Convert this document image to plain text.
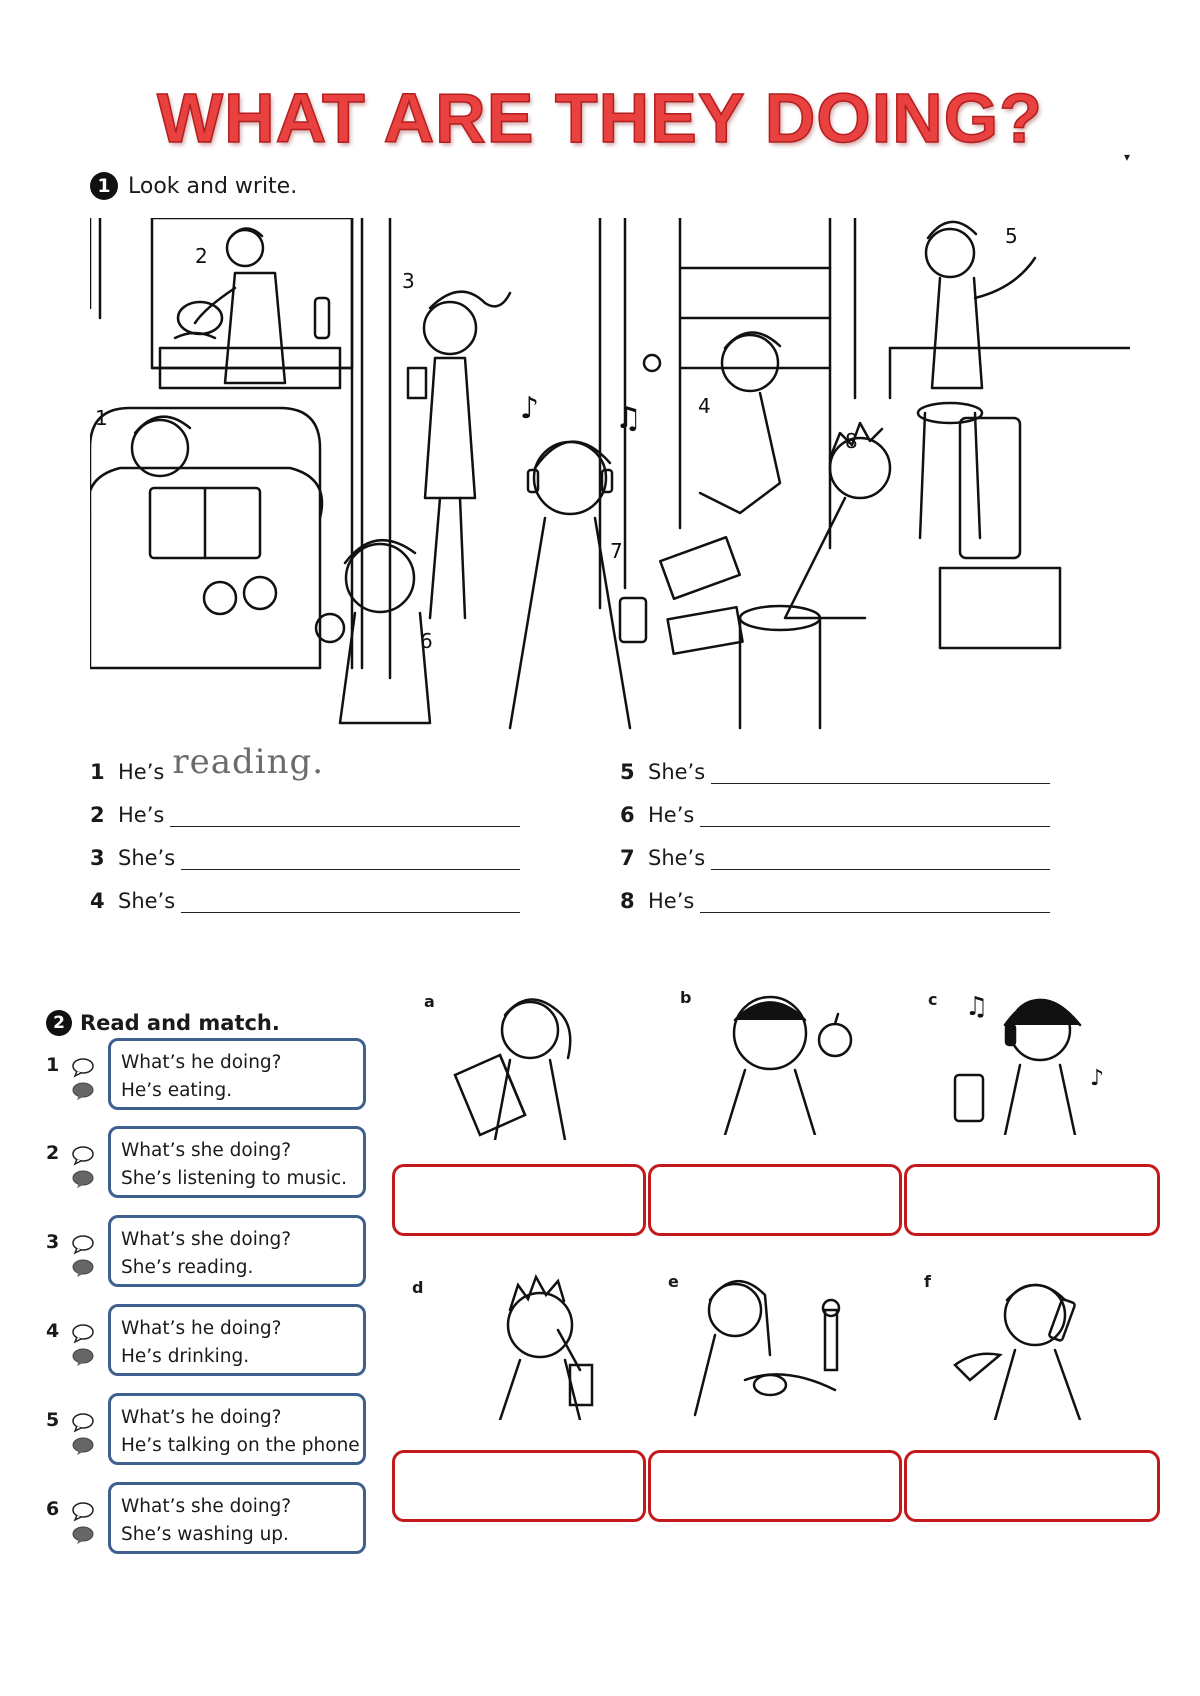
WHAT ARE THEY DOING?	▾
1 Look and write.
♪	♫
2
1
3
4
5
6
7
8
1 He’s reading.
2 He’s
3 She’s
4 She’s
5 She’s
6 He’s
7 She’s
8 He’s
2 Read and match.
1	What’s he doing?
He’s eating.
2	What’s she doing?
She’s listening to music.
3	What’s she doing?
She’s reading.
4	What’s he doing?
He’s drinking.
5	What’s he doing?
He’s talking on the phone
6	What’s she doing?
She’s washing up.
a	b	c
d	e	f
♫
♪
